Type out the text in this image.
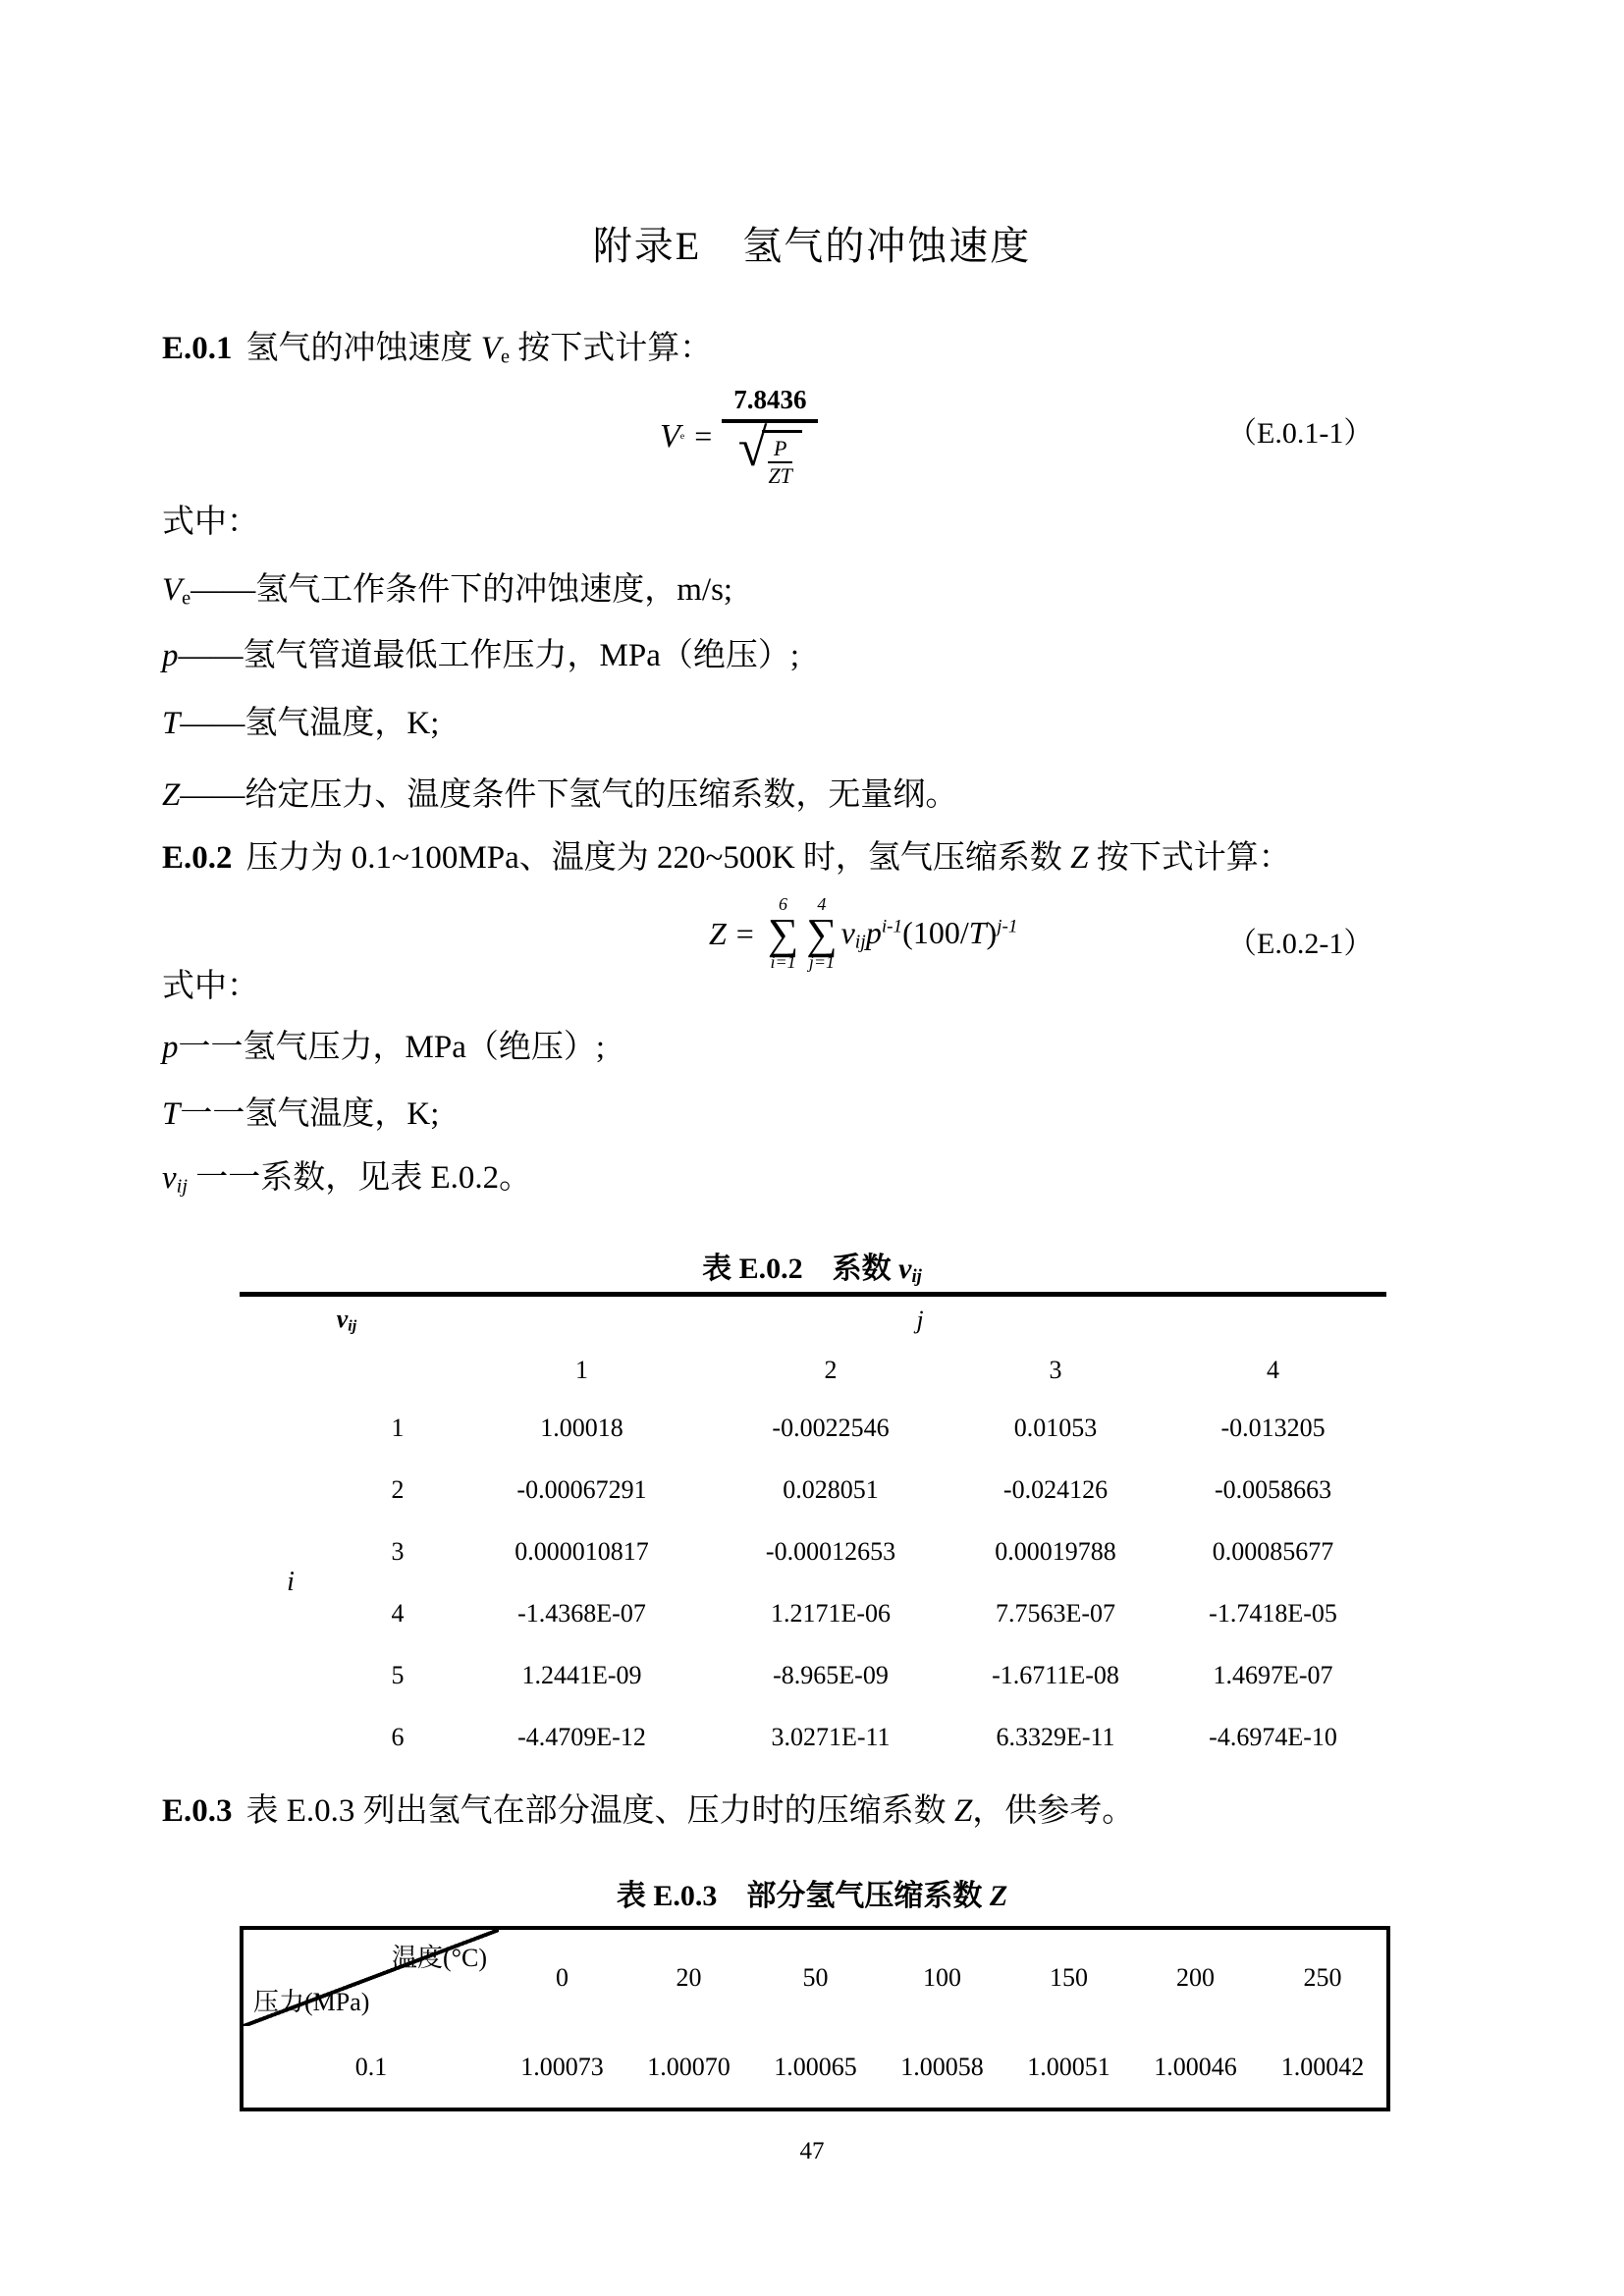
附录E　氢气的冲蚀速度
E.0.1 氢气的冲蚀速度 $V_e$ 按下式计算：
V e =
7.8436
√ $\frac{P}{ZT}$
（E.0.1-1）
式中：
$V_e——$氢气工作条件下的冲蚀速度，m/s;
p——氢气管道最低工作压力，MPa（绝压）;
T——氢气温度，K;
Z——给定压力、温度条件下氢气的压缩系数，无量纲。
E.0.2 压力为 0.1~100MPa、温度为 220~500K 时，氢气压缩系数 Z 按下式计算：
Z =
6
∑
i=1
4
∑
j=1
$v_{ij}p^{i-1}(100/T)^{j-1}$
（E.0.2-1）
式中：
p一一氢气压力，MPa（绝压）;
T一一氢气温度，K;
$v_{ij}$ 一一系数，见表 E.0.2。
表 E.0.2　系数 $v_{ij}$
$v_{ij}$		j			
		1	2	3	4
i	1	1.00018	-0.0022546	0.01053	-0.013205
	2	-0.00067291	0.028051	-0.024126	-0.0058663
	3	0.000010817	-0.00012653	0.00019788	0.00085677
	4	-1.4368E-07	1.2171E-06	7.7563E-07	-1.7418E-05
	5	1.2441E-09	-8.965E-09	-1.6711E-08	1.4697E-07
	6	-4.4709E-12	3.0271E-11	6.3329E-11	-4.6974E-10
E.0.3 表 E.0.3 列出氢气在部分温度、压力时的压缩系数 Z，供参考。
表 E.0.3　部分氢气压缩系数 Z
温度(°C)
压力(MPa)	0	20	50	100	150	200	250
0.1	1.00073	1.00070	1.00065	1.00058	1.00051	1.00046	1.00042
47
